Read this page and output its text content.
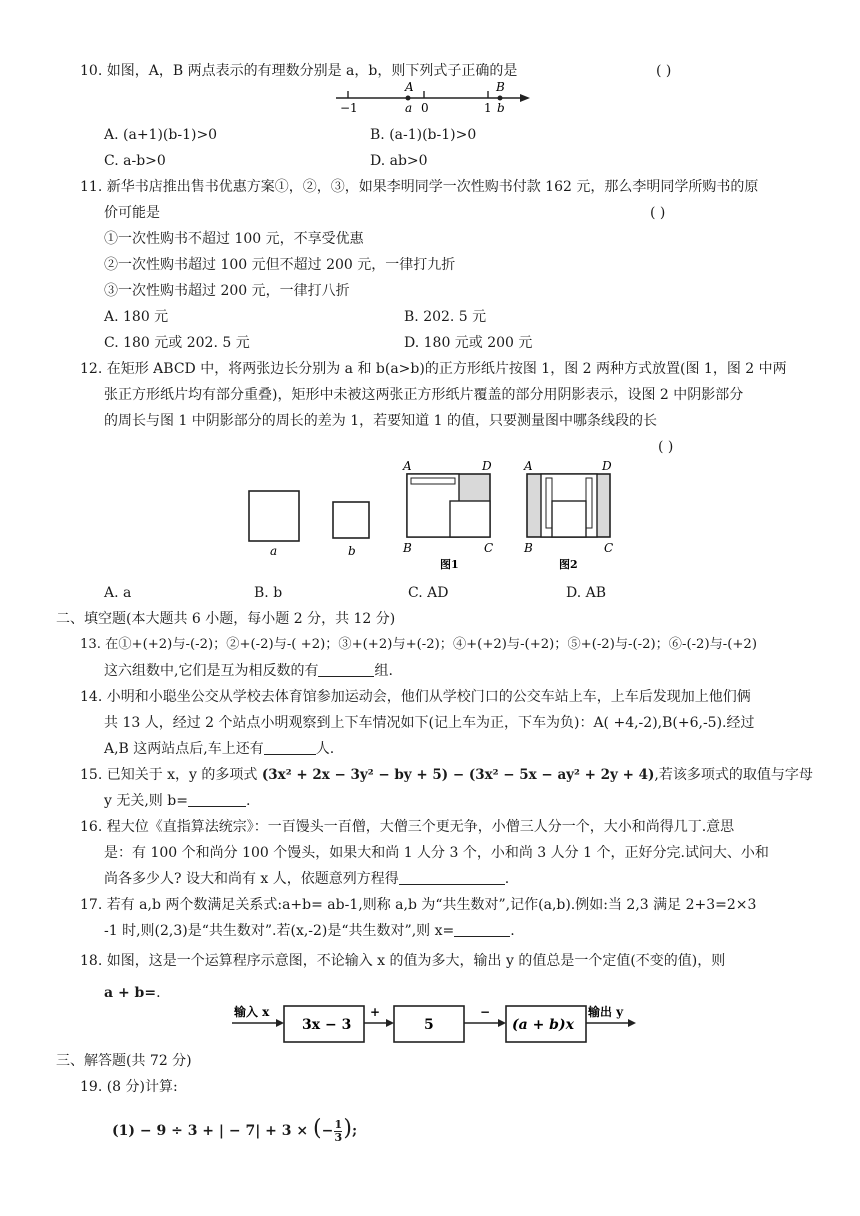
10. 如图，A，B 两点表示的有理数分别是 a，b，则下列式子正确的是	( )
A	B
−1	a 0	1 b
A. (a+1)(b-1)>0	B. (a-1)(b-1)>0
C. a-b>0	D. ab>0
11. 新华书店推出售书优惠方案①，②，③，如果李明同学一次性购书付款 162 元，那么李明同学所购书的原
价可能是	( )
①一次性购书不超过 100 元，不享受优惠
②一次性购书超过 100 元但不超过 200 元，一律打九折
③一次性购书超过 200 元，一律打八折
A. 180 元	B. 202. 5 元
C. 180 元或 202. 5 元	D. 180 元或 200 元
12. 在矩形 ABCD 中，将两张边长分别为 a 和 b(a>b)的正方形纸片按图 1，图 2 两种方式放置(图 1，图 2 中两
张正方形纸片均有部分重叠)，矩形中未被这两张正方形纸片覆盖的部分用阴影表示，设图 2 中阴影部分
的周长与图 1 中阴影部分的周长的差为 1，若要知道 1 的值，只要测量图中哪条线段的长
( )
a	b
A	D
B	C
图1
A	D
B	C
图2
A. a	B. b	C. AD	D. AB
二、填空题(本大题共 6 小题，每小题 2 分，共 12 分)
13. 在①+(+2)与-(-2)；②+(-2)与-( +2)；③+(+2)与+(-2)；④+(+2)与-(+2)；⑤+(-2)与-(-2)；⑥-(-2)与-(+2)
这六组数中,它们是互为相反数的有	组.
14. 小明和小聪坐公交从学校去体育馆参加运动会，他们从学校门口的公交车站上车，上车后发现加上他们俩
共 13 人，经过 2 个站点小明观察到上下车情况如下(记上车为正，下车为负)：A( +4,-2),B(+6,-5).经过
A,B 这两站点后,车上还有	人.
15. 已知关于 x，y 的多项式 (3x² + 2x − 3y² − by + 5) − (3x² − 5x − ay² + 2y + 4),若该多项式的取值与字母
y 无关,则 b=	.
16. 程大位《直指算法统宗》：一百馒头一百僧，大僧三个更无争，小僧三人分一个，大小和尚得几丁.意思
是：有 100 个和尚分 100 个馒头，如果大和尚 1 人分 3 个，小和尚 3 人分 1 个，正好分完.试问大、小和
尚各多少人? 设大和尚有 x 人，依题意列方程得	.
17. 若有 a,b 两个数满足关系式:a+b= ab-1,则称 a,b 为“共生数对”,记作(a,b).例如:当 2,3 满足 2+3=2×3
-1 时,则(2,3)是“共生数对”.若(x,-2)是“共生数对”,则 x=	.
18. 如图，这是一个运算程序示意图，不论输入 x 的值为多大，输出 y 的值总是一个定值(不变的值)，则
a + b=.
输入 x
3x − 3
+
5
−
(a + b)x
输出 y
三、解答题(共 72 分)
19. (8 分)计算:
(1) − 9 ÷ 3 + | − 7| + 3 × (− $\frac{1}{3}$ );
